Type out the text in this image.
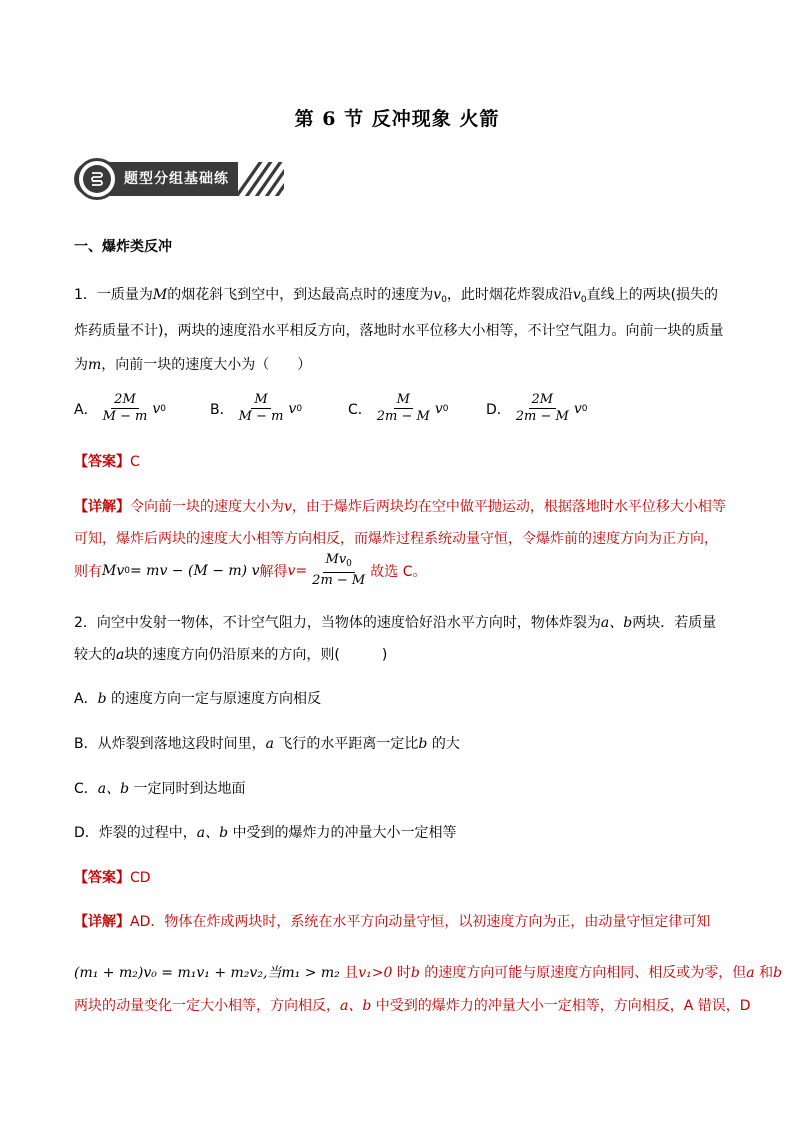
第 6 节 反冲现象 火箭
题型分组基础练
一、爆炸类反冲
1．一质量为M的烟花斜飞到空中，到达最高点时的速度为$v_0$，此时烟花炸裂成沿$v_0$直线上的两块(损失的
炸药质量不计)，两块的速度沿水平相反方向，落地时水平位移大小相等，不计空气阻力。向前一块的质量
为m，向前一块的速度大小为（　　）
A． $\frac{2M}{M - m}$ v 0	B． $\frac{M}{M - m}$ v 0	C． $\frac{M}{2m - M}$ v 0	D． $\frac{2M}{2m - M}$ v 0
【答案】C
【详解】令向前一块的速度大小为v，由于爆炸后两块均在空中做平抛运动，根据落地时水平位移大小相等
可知，爆炸后两块的速度大小相等方向相反，而爆炸过程系统动量守恒，令爆炸前的速度方向为正方向，
则有 Mv 0 = mv − (M − m) v 解得 $v = \frac{Mv_0}{2m - M}$ 故选 C。
2．向空中发射一物体，不计空气阻力，当物体的速度恰好沿水平方向时，物体炸裂为a、b两块．若质量
较大的a块的速度方向仍沿原来的方向，则(　　　)
A．b 的速度方向一定与原速度方向相反
B．从炸裂到落地这段时间里，a 飞行的水平距离一定比b 的大
C．a、b 一定同时到达地面
D．炸裂的过程中，a、b 中受到的爆炸力的冲量大小一定相等
【答案】CD
【详解】AD．物体在炸成两块时，系统在水平方向动量守恒，以初速度方向为正，由动量守恒定律可知
(m₁ + m₂)v₀ = m₁v₁ + m₂v₂,当m₁ > m₂ 且v₁>0 时b 的速度方向可能与原速度方向相同、相反或为零，但a 和b
两块的动量变化一定大小相等，方向相反，a、b 中受到的爆炸力的冲量大小一定相等，方向相反，A 错误，D
